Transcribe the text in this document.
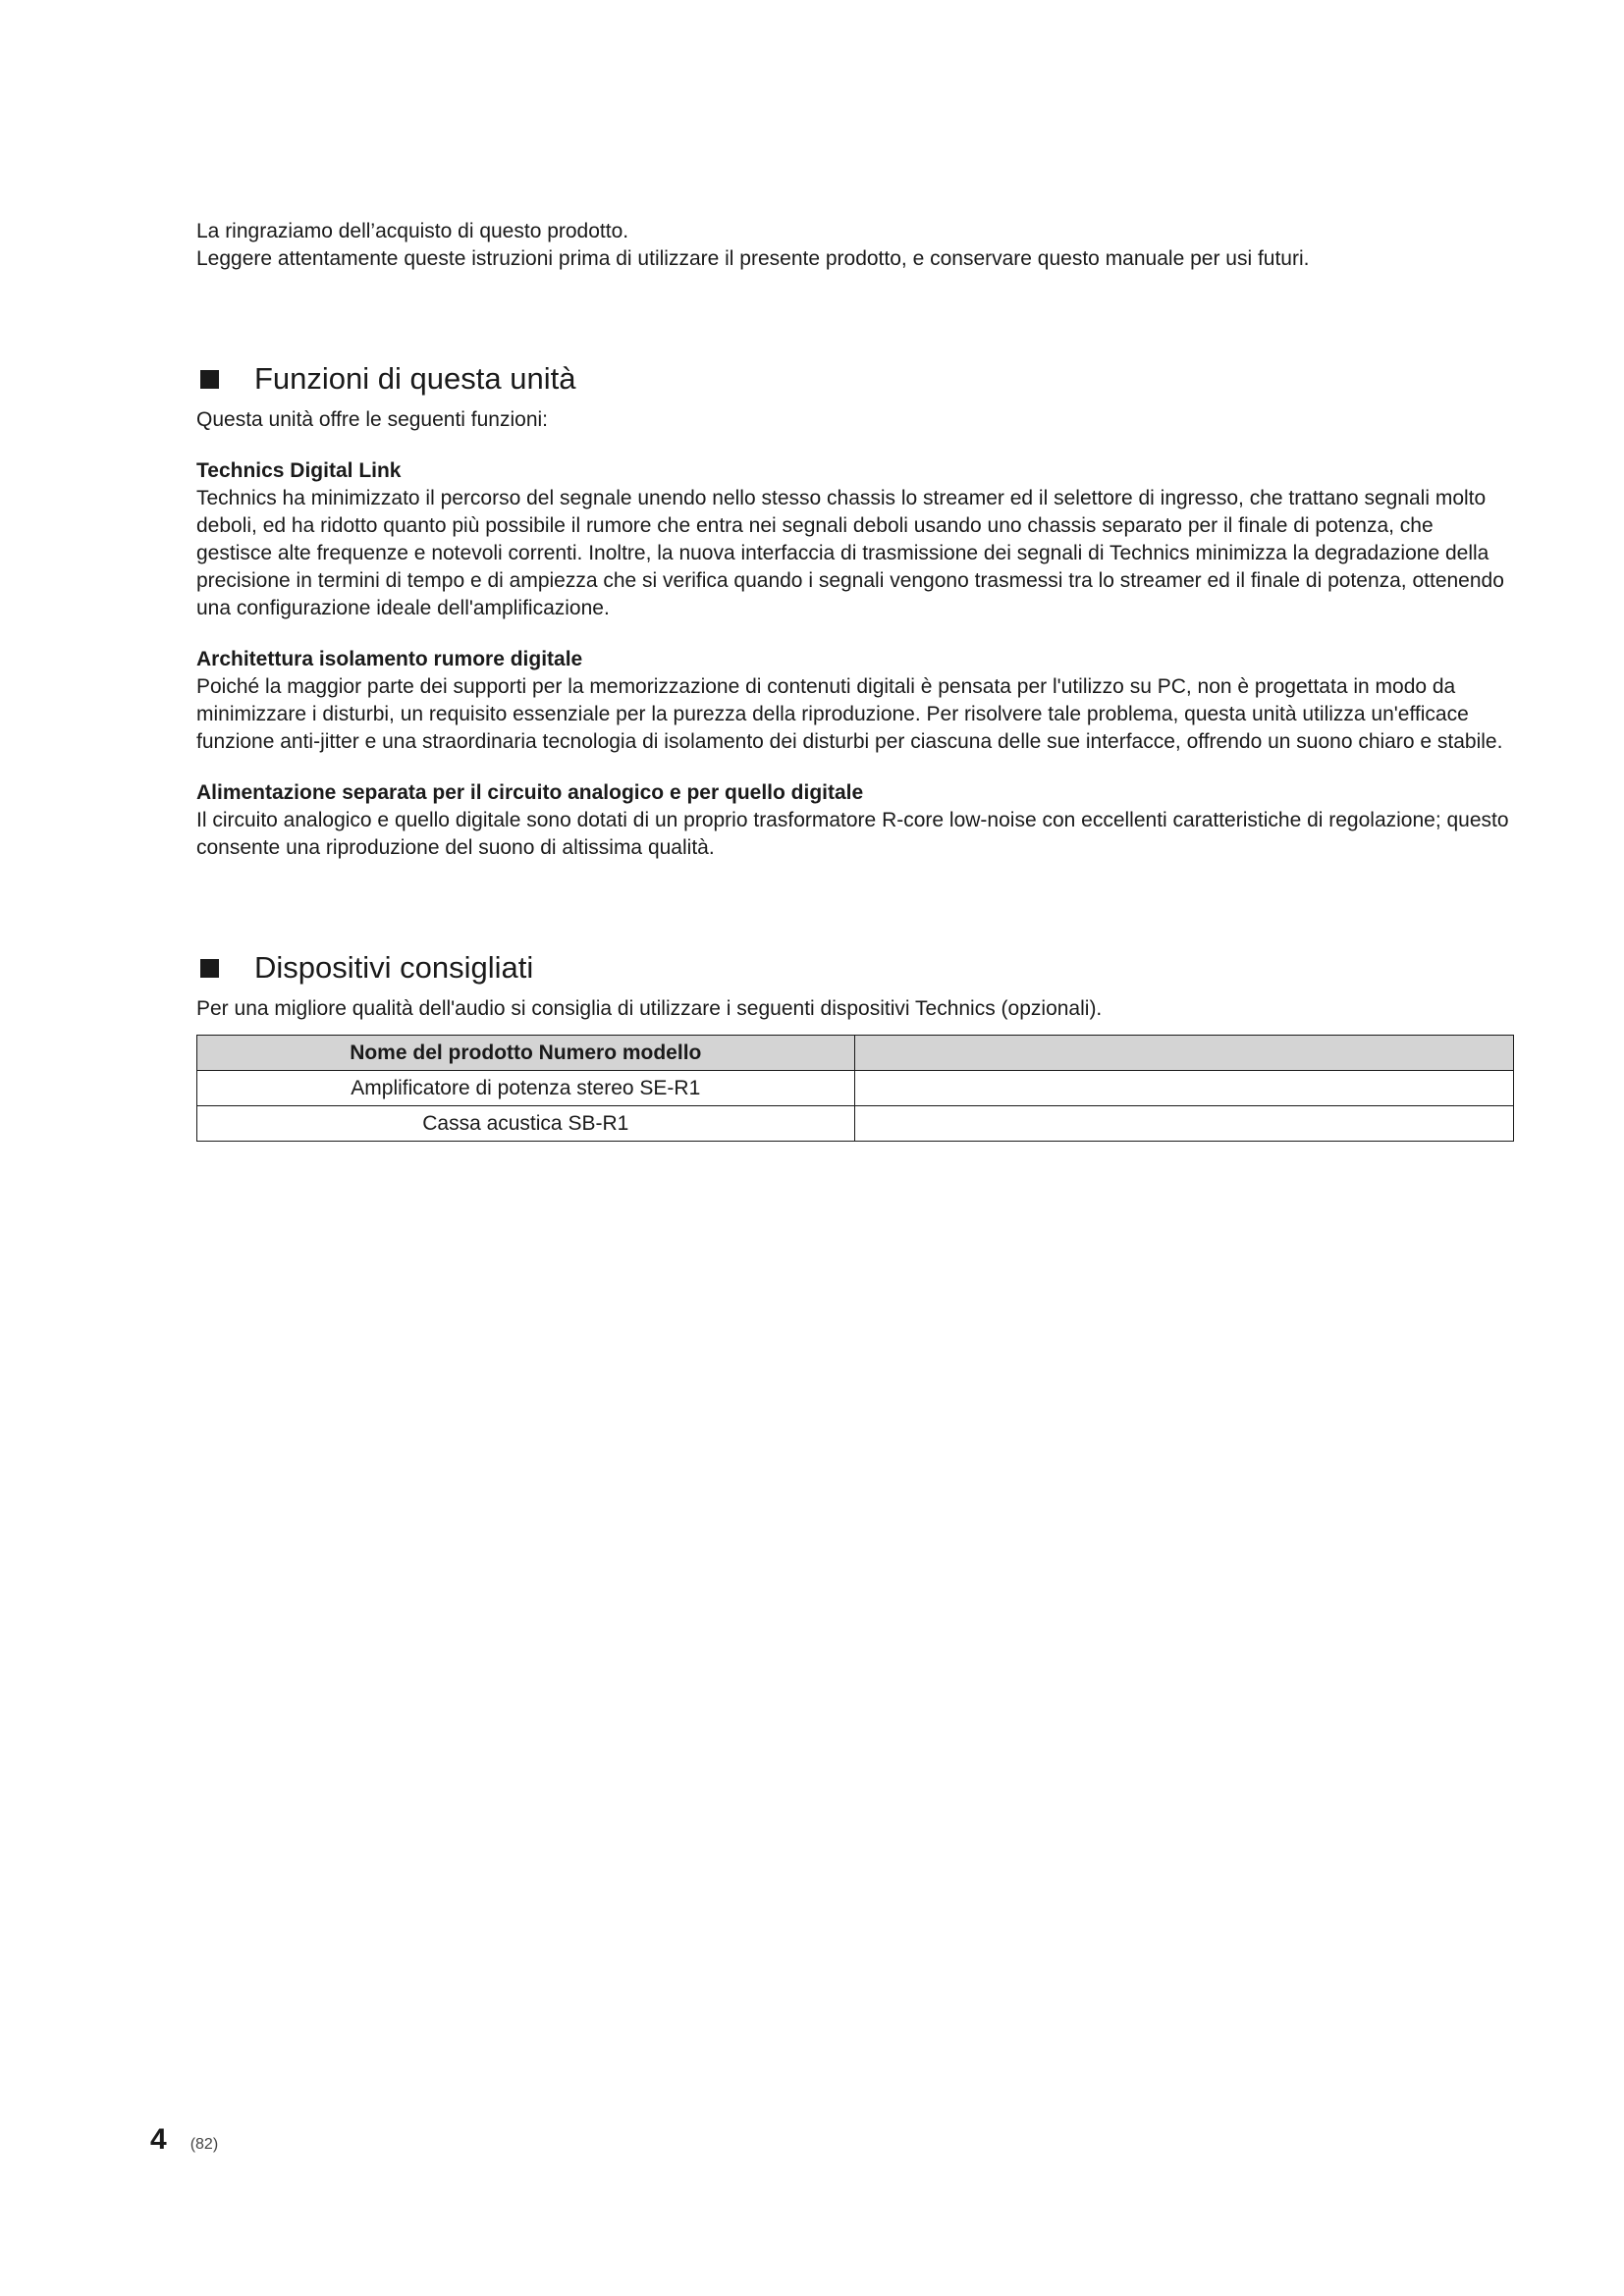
La ringraziamo dell’acquisto di questo prodotto.

Leggere attentamente queste istruzioni prima di utilizzare il presente prodotto, e conservare questo manuale per usi futuri.

Funzioni di questa unità

Questa unità offre le seguenti funzioni:

Technics Digital Link

Technics ha minimizzato il percorso del segnale unendo nello stesso chassis lo streamer ed il selettore di ingresso, che trattano segnali molto deboli, ed ha ridotto quanto più possibile il rumore che entra nei segnali deboli usando uno chassis separato per il finale di potenza, che gestisce alte frequenze e notevoli correnti. Inoltre, la nuova interfaccia di trasmissione dei segnali di Technics minimizza la degradazione della precisione in termini di tempo e di ampiezza che si verifica quando i segnali vengono trasmessi tra lo streamer ed il finale di potenza, ottenendo una configurazione ideale dell'amplificazione.

Architettura isolamento rumore digitale

Poiché la maggior parte dei supporti per la memorizzazione di contenuti digitali è pensata per l'utilizzo su PC, non è progettata in modo da minimizzare i disturbi, un requisito essenziale per la purezza della riproduzione. Per risolvere tale problema, questa unità utilizza un'efficace funzione anti-jitter e una straordinaria tecnologia di isolamento dei disturbi per ciascuna delle sue interfacce, offrendo un suono chiaro e stabile.

Alimentazione separata per il circuito analogico e per quello digitale

Il circuito analogico e quello digitale sono dotati di un proprio trasformatore R-core low-noise con eccellenti caratteristiche di regolazione; questo consente una riproduzione del suono di altissima qualità.

Dispositivi consigliati

Per una migliore qualità dell'audio si consiglia di utilizzare i seguenti dispositivi Technics (opzionali).

Nome del prodotto Numero modello	
Amplificatore di potenza stereo SE-R1	
Cassa acustica SB-R1	
4 (82)
